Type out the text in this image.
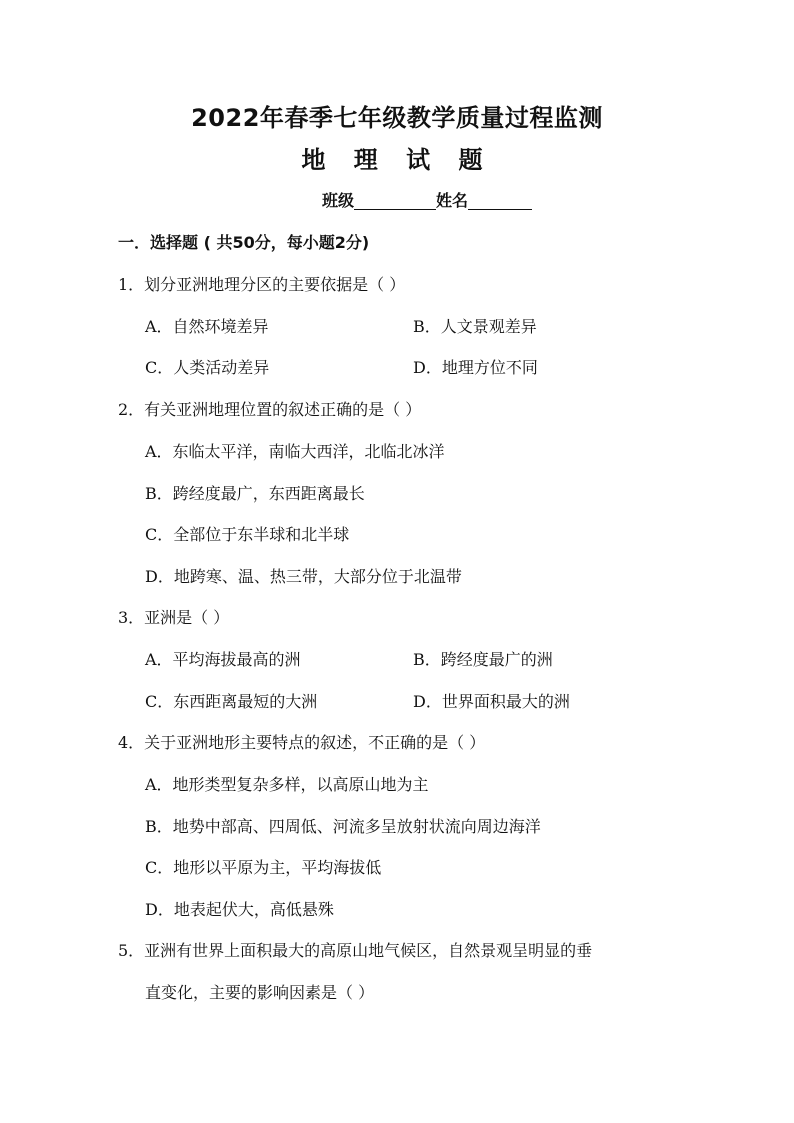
2022年春季七年级教学质量过程监测
地 理 试 题
班级	姓名
一．选择题 ( 共50分，每小题2分)
1．划分亚洲地理分区的主要依据是（ ）
A．自然环境差异	B．人文景观差异
C．人类活动差异	D．地理方位不同
2．有关亚洲地理位置的叙述正确的是（ ）
A．东临太平洋，南临大西洋，北临北冰洋
B．跨经度最广，东西距离最长
C．全部位于东半球和北半球
D．地跨寒、温、热三带，大部分位于北温带
3．亚洲是（ ）
A．平均海拔最高的洲	B．跨经度最广的洲
C．东西距离最短的大洲	D．世界面积最大的洲
4．关于亚洲地形主要特点的叙述，不正确的是（ ）
A．地形类型复杂多样，以高原山地为主
B．地势中部高、四周低、河流多呈放射状流向周边海洋
C．地形以平原为主，平均海拔低
D．地表起伏大，高低悬殊
5．亚洲有世界上面积最大的高原山地气候区，自然景观呈明显的垂
直变化，主要的影响因素是（ ）
